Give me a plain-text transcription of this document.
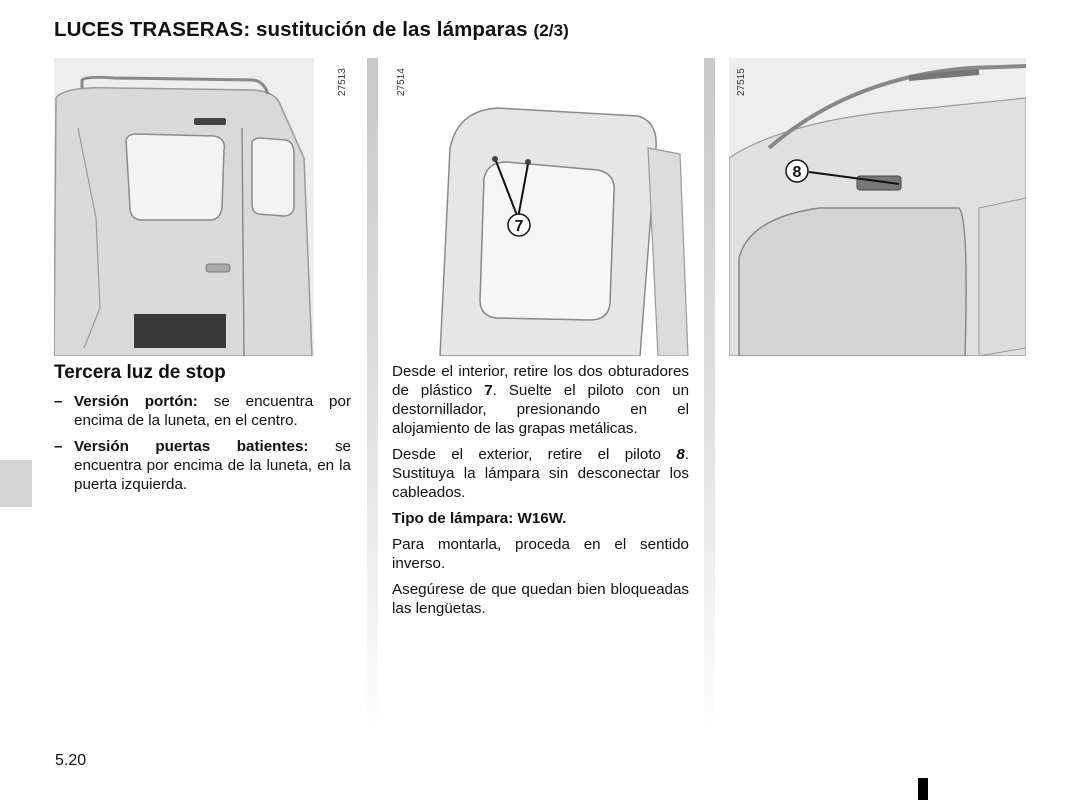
LUCES TRASERAS: sustitución de las lámparas (2/3)
27513
7
27514
8
27515
Tercera luz de stop
– Versión portón: se encuentra por encima de la luneta, en el centro.
– Versión puertas batientes: se encuentra por encima de la luneta, en la puerta izquierda.

Desde el interior, retire los dos obturadores de plástico 7. Suelte el piloto con un destornillador, presionando en el alojamiento de las grapas metálicas.

Desde el exterior, retire el piloto 8. Sustituya la lámpara sin desconectar los cableados.

Tipo de lámpara: W16W.

Para montarla, proceda en el sentido inverso.

Asegúrese de que quedan bien bloqueadas las lengüetas.

5.20
